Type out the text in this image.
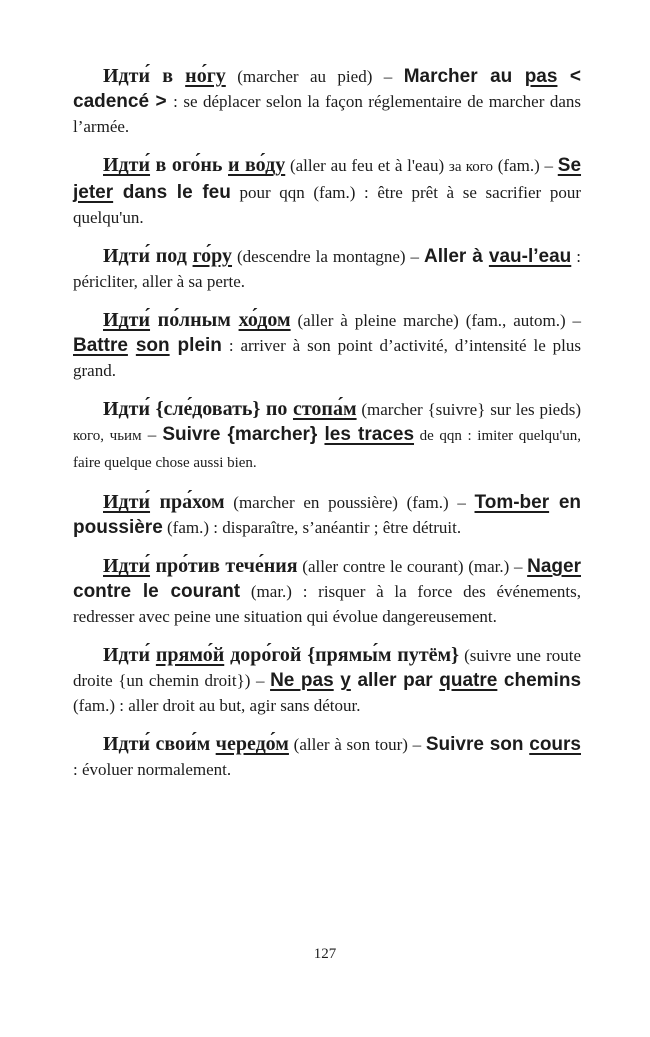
Идти́ в но́гу (marcher au pied) – Marcher au pas < cadencé > : se déplacer selon la façon réglementaire de marcher dans l’armée.

Идти́ в ого́нь и во́ду (aller au feu et à l'eau) за кого (fam.) – Se jeter dans le feu pour qqn (fam.) : être prêt à se sacrifier pour quelqu'un.

Идти́ под го́ру (descendre la montagne) – Aller à vau-l’eau : péricliter, aller à sa perte.

Идти́ по́лным хо́дом (aller à pleine marche) (fam., autom.) – Battre son plein : arriver à son point d’activité, d’intensité le plus grand.

Идти́ {сле́довать} по стопа́м (marcher {suivre} sur les pieds) кого, чьим – Suivre {marcher} les traces de qqn : imiter quelqu'un, faire quelque chose aussi bien.

Идти́ пра́хом (marcher en poussière) (fam.) – Tom-ber en poussière (fam.) : disparaître, s’anéantir ; être détruit.

Идти́ про́тив тече́ния (aller contre le courant) (mar.) – Nager contre le courant (mar.) : risquer à la force des événements, redresser avec peine une situation qui évolue dangereusement.

Идти́ прямо́й доро́гой {прямы́м путём} (suivre une route droite {un chemin droit}) – Ne pas y aller par quatre chemins (fam.) : aller droit au but, agir sans détour.

Идти́ свои́м чередо́м (aller à son tour) – Suivre son cours : évoluer normalement.

127
